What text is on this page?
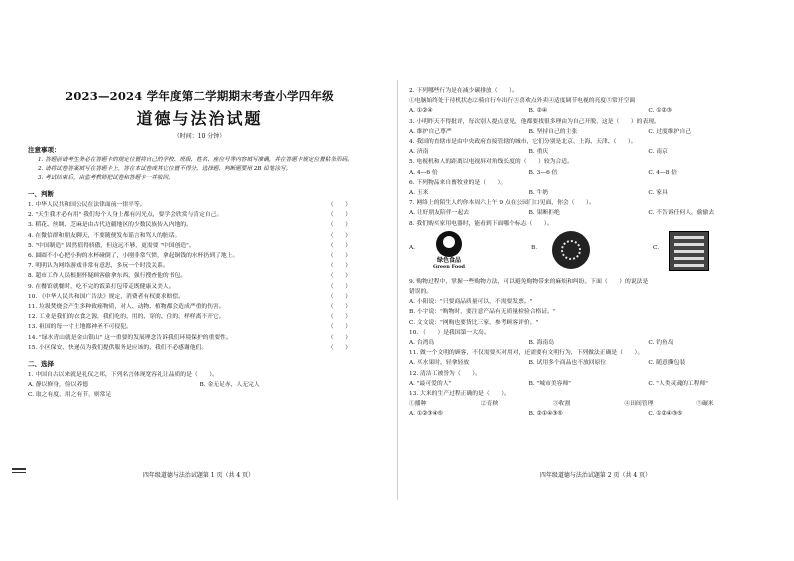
2023—2024 学年度第二学期期末考查小学四年级
道德与法治试题
（时间：10 分钟）
注意事项：

1. 答题前请考生务必在答题卡的规定位置将自己的学校、班级、姓名、座位号等内容填写准确，并在答题卡规定位置粘条形码。

2. 请将试卷答案填写在答题卡上，答在本试卷或其它位置不得分。选择题、判断题要用 2B 铅笔涂写。

3. 考试结束后，由监考教师把试卷和答题卡一并收回。

一、判断
1. 中华人民共和国公民在法律面前一律平等。	（　　）
2. "天生我才必有用" 我们每个人身上都有闪光点，要学会欣赏与肯定自己。	（　　）
3. 稻花、丝绸、芝麻是由古代边疆地区的少数民族传入内地的。	（　　）
4. 在微信群和朋友聊天，不要随便发布谣言和骂人的脏话。	（　　）
5. "中国制造" 固然值得骄傲，但这远不够，更需要 "中国创造"。	（　　）
6. 圆圆不小心把小狗的水杯碰倒了，小刚非常气愤，拿起铜钱的水杯扔到了地上。	（　　）
7. 明明认为网络游戏非常有意思，多玩一个时没关系。	（　　）
8. 超市工作人员根据怀疑顾客偷拿东西，强行搜查他的书包。	（　　）
9. 在餐馆就餐时，吃不完的饭菜打包带走既健康又美人。	（　　）
10. 《中华人民共和国广告法》规定，消费者有权要求赔偿。	（　　）
11. 垃圾焚烧会产生多种致癌物质，对人、动物、植物都会造成严重的伤害。	（　　）
12. 工业是我们的衣食之源，我们吃的、用的、穿的、住的，样样离不开它。	（　　）
13. 祖国的每一寸土地都神圣不可侵犯。	（　　）
14. "绿水青山就是金山银山" 这一重要的发展理念告诉我们环境保护的重要性。	（　　）
15. 小区保安、快递员为我们提供服务是应该的，我们不必感谢他们。	（　　）
二、选择
1. 中国自古以来就是礼仪之邦，下列名言体现宽容礼让品质的是（　　）。
A. 静以修身，俭以养德	B. 金无足赤，人无完人
C. 取之有度，用之有节，则常足
四年级道德与法治试题第 1 页（共 4 页）
2. 下列哪些行为是在减少碳排放（　　）。
①电脑始终处于待机状态②骑自行车出行③喜欢点外卖④适度调节电视的亮度⑤常开空调
A. ①②④	B. ②④	C. ①②③
3. 小明昨天不得批评，每次别人提点意见，他都要找很多理由为自己开脱，这是（　　）的表现。
A. 维护自己尊严	B. 坚持自己的主张	C. 过度维护自己
4. 我国的直辖市是由中央政府直接管辖的城市，它们分别是北京、上海、天津、（　　）。
A. 济南	B. 重庆	C. 南京
5. 电视机和人的距离以电视屏对角线长度的（　　）较为合适。
A. 4—6 倍	B. 3—6 倍	C. 4—8 倍
6. 下列物品来自畜牧业的是（　　）。
A. 玉米	B. 牛奶	C. 家具
7. 网络上的陌生人约你本周六上午 9 点在公园门口见面，你会（　　）。
A. 让好朋友陪伴一起去	B. 果断拒绝	C. 不告诉任何人，偷偷去
8. 我们购买家用电器时，能看到下面哪个标志（　　）。
A.
绿色食品
Green Food
B.	C.
9. 购物过程中，掌握一些购物方法，可以避免购物带来的麻烦和纠纷。下面（　　）的说法是
错误的。
A. 小阳说："只要商品质量可以，不需要发票。"
B. 小宇说："购物时，要注意产品有无质量检验合格证。"
C. 文文说："网购也要货比三家，参考顾客评价。"
10. （　　）是我国第一大岛。
A. 台湾岛	B. 海南岛	C. 钓鱼岛
11. 做一个文明的顾客，不仅需要买对用对，还需要有文明行为，下列做法正确是（　　）。
A. 买水果时，轻拿轻放	B. 试用多个商品也不放回原位	C. 随意撕包装
12. 清洁工被誉为（　　）。
A. "最可爱的人"	B. "城市美容师"	C. "人类灵魂的工程师"
13. 大米的生产过程正确的是（　　）。
①播种	②育秧	③收割	④田间管理	⑤碾米
A. ①②③④⑤	B. ②①④③⑤	C. ①②④③⑤
四年级道德与法治试题第 2 页（共 4 页）
